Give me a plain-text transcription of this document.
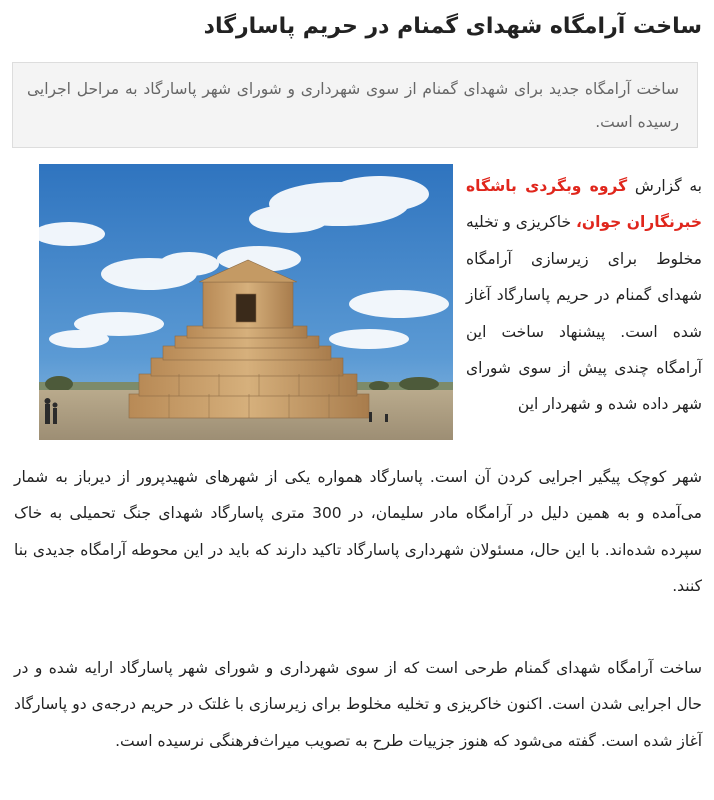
ساخت آرامگاه شهدای گمنام در حریم پاسارگاد
ساخت آرامگاه جدید برای شهدای گمنام از سوی شهرداری و شورای شهر پاسارگاد به مراحل اجرایی رسیده است.

به گزارش گروه وبگردی باشگاه خبرنگاران جوان، خاکریزی و تخلیه مخلوط برای زیرسازی آرامگاه شهدای گمنام در حریم پاسارگاد آغاز شده است. پیشنهاد ساخت این آرامگاه چندی پیش از سوی شورای شهر داده شده و شهردار این

شهر کوچک پیگیر اجرایی کردن آن است. پاسارگاد همواره یکی از شهرهای شهیدپرور از دیرباز به شمار می‌آمده و به همین دلیل در آرامگاه مادر سلیمان، در 300 متری پاسارگاد شهدای جنگ تحمیلی به خاک سپرده شده‌اند. با این حال، مسئولان شهرداری پاسارگاد تاکید دارند که باید در این محوطه آرامگاه جدیدی بنا کنند.

ساخت آرامگاه شهدای گمنام طرحی است که از سوی شهرداری و شورای شهر پاسارگاد ارایه شده و در حال اجرایی شدن است. اکنون خاکریزی و تخلیه مخلوط برای زیرسازی با غلتک در حریم درجه‌ی دو پاسارگاد آغاز شده است. گفته می‌شود که هنوز جزییات طرح به تصویب میراث‌فرهنگی نرسیده است.
